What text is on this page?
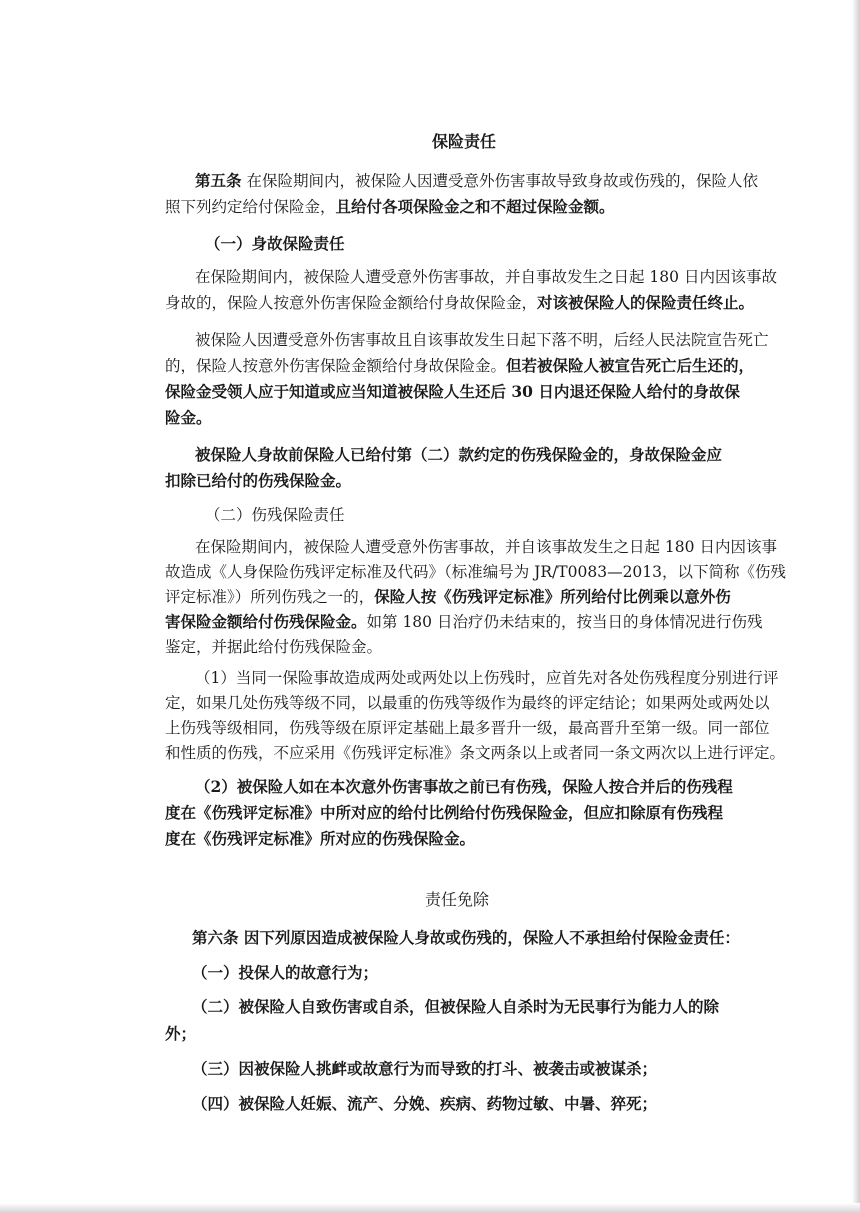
保险责任
第五条 在保险期间内，被保险人因遭受意外伤害事故导致身故或伤残的，保险人依
照下列约定给付保险金，且给付各项保险金之和不超过保险金额。
（一）身故保险责任
在保险期间内，被保险人遭受意外伤害事故，并自事故发生之日起 180 日内因该事故
身故的，保险人按意外伤害保险金额给付身故保险金，对该被保险人的保险责任终止。
被保险人因遭受意外伤害事故且自该事故发生日起下落不明，后经人民法院宣告死亡
的，保险人按意外伤害保险金额给付身故保险金。但若被保险人被宣告死亡后生还的，
保险金受领人应于知道或应当知道被保险人生还后 30 日内退还保险人给付的身故保
险金。
被保险人身故前保险人已给付第（二）款约定的伤残保险金的，身故保险金应
扣除已给付的伤残保险金。
（二）伤残保险责任
在保险期间内，被保险人遭受意外伤害事故，并自该事故发生之日起 180 日内因该事
故造成《人身保险伤残评定标准及代码》（标准编号为 JR/T0083—2013，以下简称《伤残
评定标准》）所列伤残之一的，保险人按《伤残评定标准》所列给付比例乘以意外伤
害保险金额给付伤残保险金。如第 180 日治疗仍未结束的，按当日的身体情况进行伤残
鉴定，并据此给付伤残保险金。
（1）当同一保险事故造成两处或两处以上伤残时，应首先对各处伤残程度分别进行评
定，如果几处伤残等级不同，以最重的伤残等级作为最终的评定结论；如果两处或两处以
上伤残等级相同，伤残等级在原评定基础上最多晋升一级，最高晋升至第一级。同一部位
和性质的伤残，不应采用《伤残评定标准》条文两条以上或者同一条文两次以上进行评定。
（2）被保险人如在本次意外伤害事故之前已有伤残，保险人按合并后的伤残程
度在《伤残评定标准》中所对应的给付比例给付伤残保险金，但应扣除原有伤残程
度在《伤残评定标准》所对应的伤残保险金。
责任免除
第六条 因下列原因造成被保险人身故或伤残的，保险人不承担给付保险金责任：
（一）投保人的故意行为；
（二）被保险人自致伤害或自杀，但被保险人自杀时为无民事行为能力人的除
外；
（三）因被保险人挑衅或故意行为而导致的打斗、被袭击或被谋杀；
（四）被保险人妊娠、流产、分娩、疾病、药物过敏、中暑、猝死；
